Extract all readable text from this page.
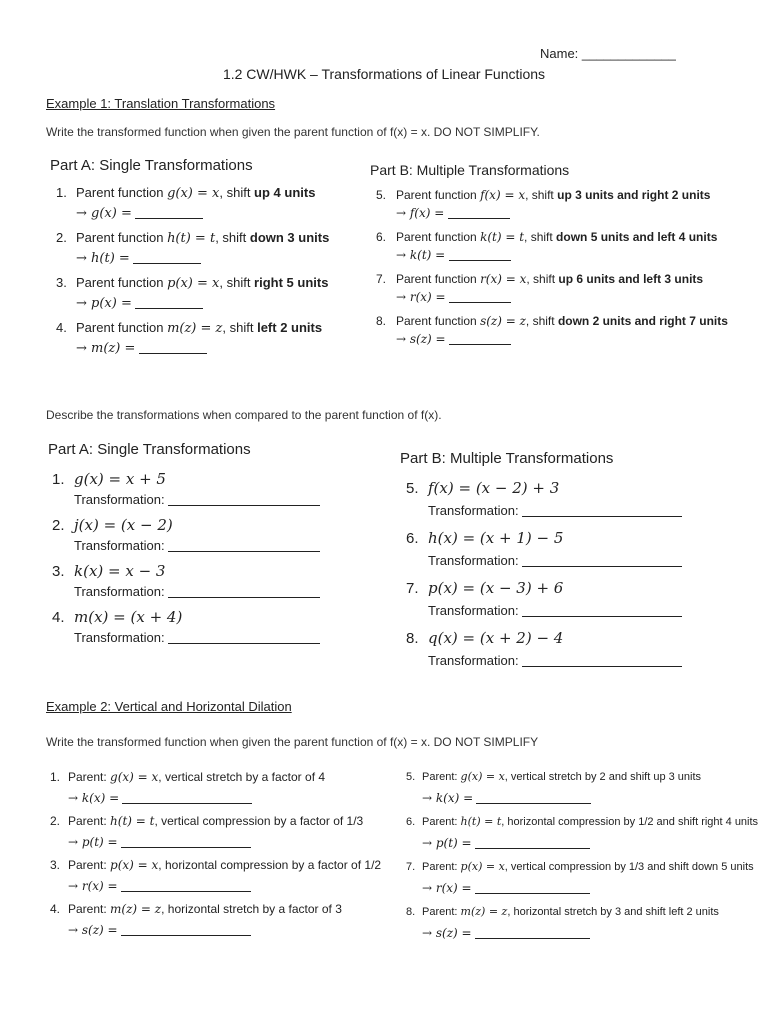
Name: _____________
1.2 CW/HWK – Transformations of Linear Functions
Example 1: Translation Transformations
Write the transformed function when given the parent function of f(x) = x. DO NOT SIMPLIFY.
Part A: Single Transformations	Part B: Multiple Transformations
1. Parent function g(x) = x, shift up 4 units
→ g(x) =
2. Parent function h(t) = t, shift down 3 units
→ h(t) =
3. Parent function p(x) = x, shift right 5 units
→ p(x) =
4. Parent function m(z) = z, shift left 2 units
→ m(z) =
5. Parent function f(x) = x, shift up 3 units and right 2 units
→ f(x) =
6. Parent function k(t) = t, shift down 5 units and left 4 units
→ k(t) =
7. Parent function r(x) = x, shift up 6 units and left 3 units
→ r(x) =
8. Parent function s(z) = z, shift down 2 units and right 7 units
→ s(z) =
Describe the transformations when compared to the parent function of f(x).
Part A: Single Transformations
Part B: Multiple Transformations
1. g(x) = x + 5
Transformation:
2. j(x) = (x − 2)
Transformation:
3. k(x) = x − 3
Transformation:
4. m(x) = (x + 4)
Transformation:
5. f(x) = (x − 2) + 3
Transformation:
6. h(x) = (x + 1) − 5
Transformation:
7. p(x) = (x − 3) + 6
Transformation:
8. q(x) = (x + 2) − 4
Transformation:
Example 2: Vertical and Horizontal Dilation
Write the transformed function when given the parent function of f(x) = x. DO NOT SIMPLIFY
1. Parent: g(x) = x, vertical stretch by a factor of 4
→ k(x) =
2. Parent: h(t) = t, vertical compression by a factor of 1/3
→ p(t) =
3. Parent: p(x) = x, horizontal compression by a factor of 1/2
→ r(x) =
4. Parent: m(z) = z, horizontal stretch by a factor of 3
→ s(z) =
5. Parent: g(x) = x, vertical stretch by 2 and shift up 3 units
→ k(x) =
6. Parent: h(t) = t, horizontal compression by 1/2 and shift right 4 units
→ p(t) =
7. Parent: p(x) = x, vertical compression by 1/3 and shift down 5 units
→ r(x) =
8. Parent: m(z) = z, horizontal stretch by 3 and shift left 2 units
→ s(z) =
